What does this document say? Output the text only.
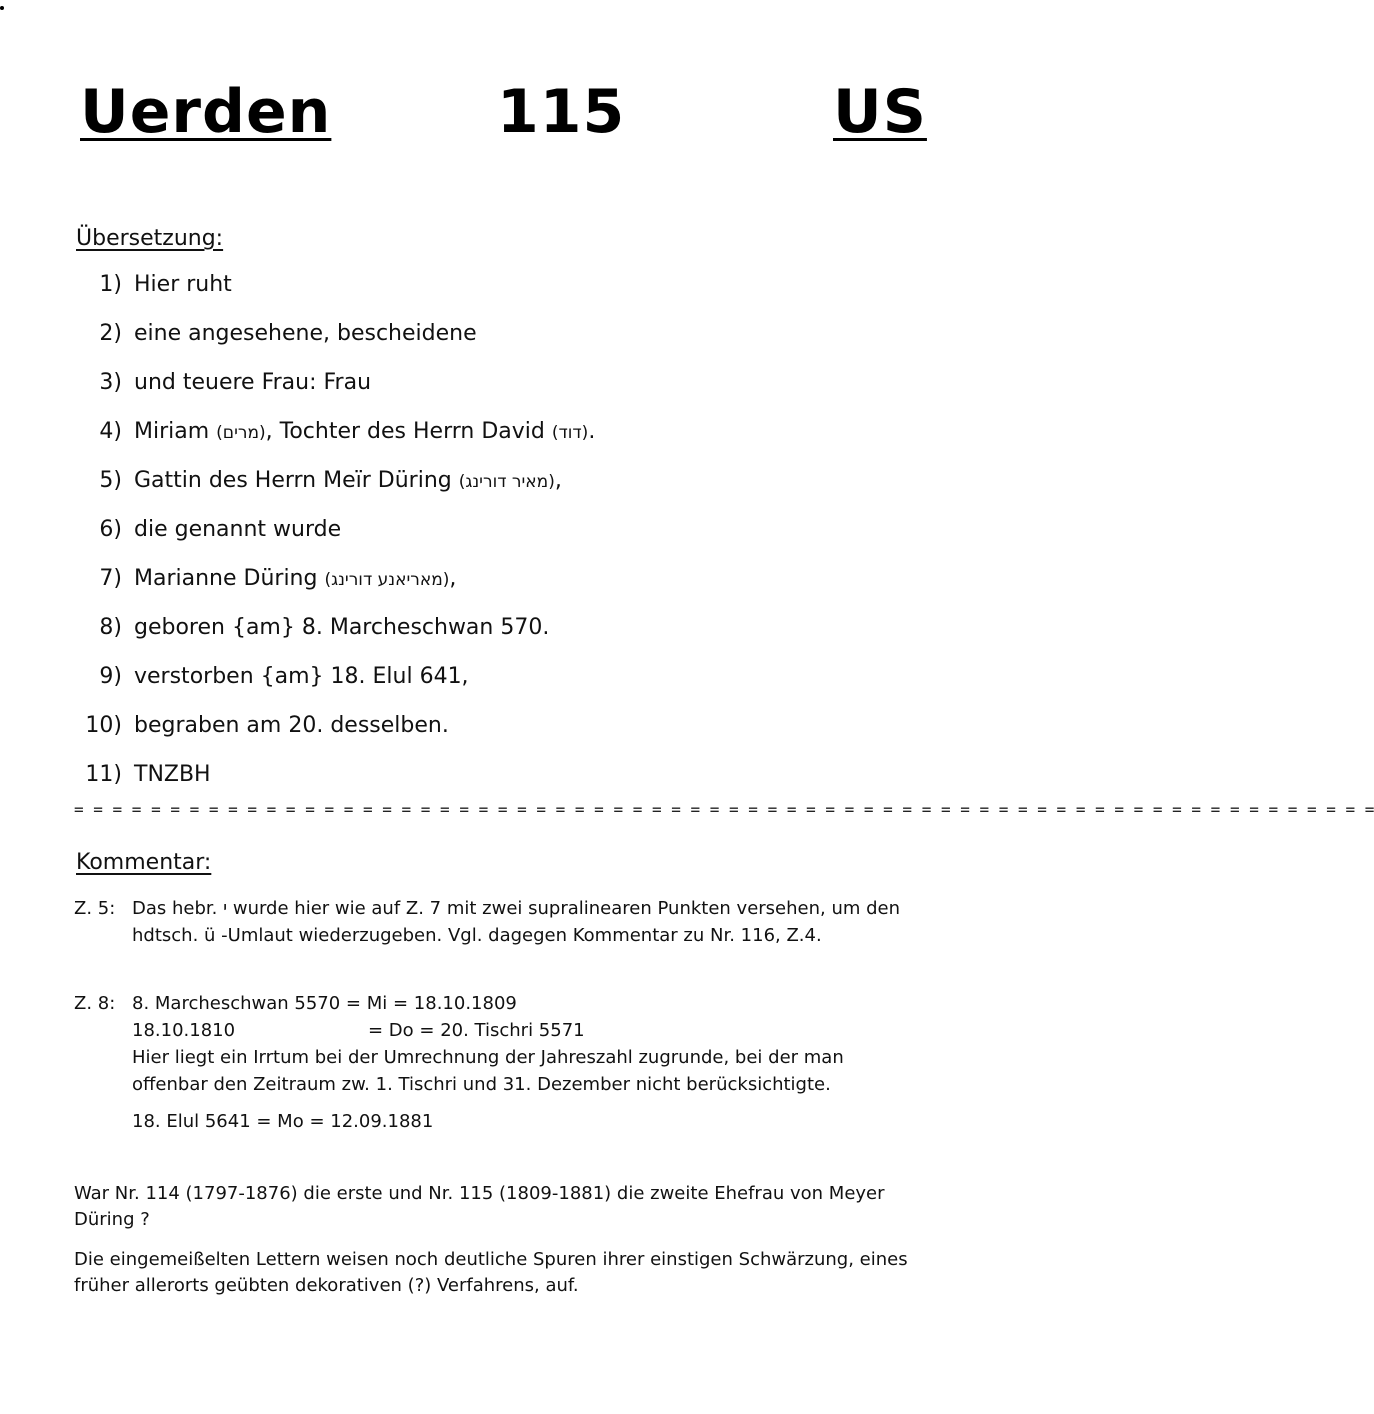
Uerden	115	US
Übersetzung:
1) Hier ruht
2) eine angesehene, bescheidene
3) und teuere Frau: Frau
4) Miriam (מרים), Tochter des Herrn David (דוד).
5) Gattin des Herrn Meïr Düring (מאיר דורינג),
6) die genannt wurde
7) Marianne Düring (מאריאנע דורינג),
8) geboren {am} 8. Marcheschwan 570.
9) verstorben {am} 18. Elul 641,
10) begraben am 20. desselben.
11) TNZBH
= = = = = = = = = = = = = = = = = = = = = = = = = = = = = = = = = = = = = = = = = = = = = = = = = = = = = = = = = = = = = = = = = = = =
Kommentar:
Z. 5: Das hebr. י wurde hier wie auf Z. 7 mit zwei supralinearen Punkten versehen, um den hdtsch. ü -Umlaut wiederzugeben. Vgl. dagegen Kommentar zu Nr. 116, Z.4.

Z. 8: 8. Marcheschwan 5570 = Mi = 18.10.1809

18.10.1810	= Do = 20. Tischri 5571

Hier liegt ein Irrtum bei der Umrechnung der Jahreszahl zugrunde, bei der man offenbar den Zeitraum zw. 1. Tischri und 31. Dezember nicht berücksichtigte.

18. Elul 5641 = Mo = 12.09.1881

War Nr. 114 (1797-1876) die erste und Nr. 115 (1809-1881) die zweite Ehefrau von Meyer Düring ?

Die eingemeißelten Lettern weisen noch deutliche Spuren ihrer einstigen Schwärzung, eines früher allerorts geübten dekorativen (?) Verfahrens, auf.
